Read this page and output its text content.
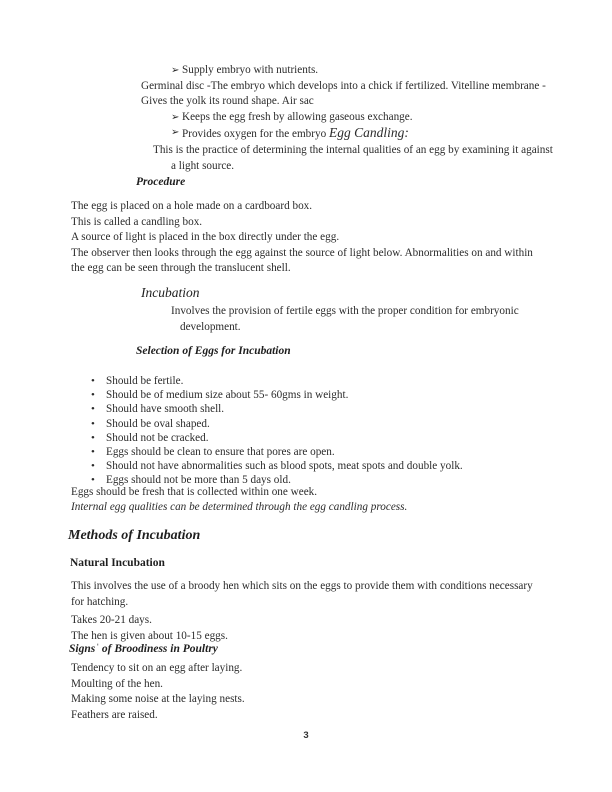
➢ Supply embryo with nutrients.
Germinal disc -The embryo which develops into a chick if fertilized. Vitelline membrane - Gives the yolk its round shape. Air sac
➢ Keeps the egg fresh by allowing gaseous exchange.
➢ Provides oxygen for the embryo Egg Candling:
This is the practice of determining the internal qualities of an egg by examining it against a light source.
Procedure
The egg is placed on a hole made on a cardboard box.
This is called a candling box.
A source of light is placed in the box directly under the egg.
The observer then looks through the egg against the source of light below. Abnormalities on and within the egg can be seen through the translucent shell.
Incubation
Involves the provision of fertile eggs with the proper condition for embryonic development.
Selection of Eggs for Incubation
• Should be fertile.
• Should be of medium size about 55- 60gms in weight.
• Should have smooth shell.
• Should be oval shaped.
• Should not be cracked.
• Eggs should be clean to ensure that pores are open.
• Should not have abnormalities such as blood spots, meat spots and double yolk.
• Eggs should not be more than 5 days old.
Eggs should be fresh that is collected within one week.
Internal egg qualities can be determined through the egg candling process.
Methods of Incubation
Natural Incubation
This involves the use of a broody hen which sits on the eggs to provide them with conditions necessary for hatching.
Takes 20-21 days.
The hen is given about 10-15 eggs.
Signsˈ of Broodiness in Poultry
Tendency to sit on an egg after laying.
Moulting of the hen.
Making some noise at the laying nests.
Feathers are raised.
3
